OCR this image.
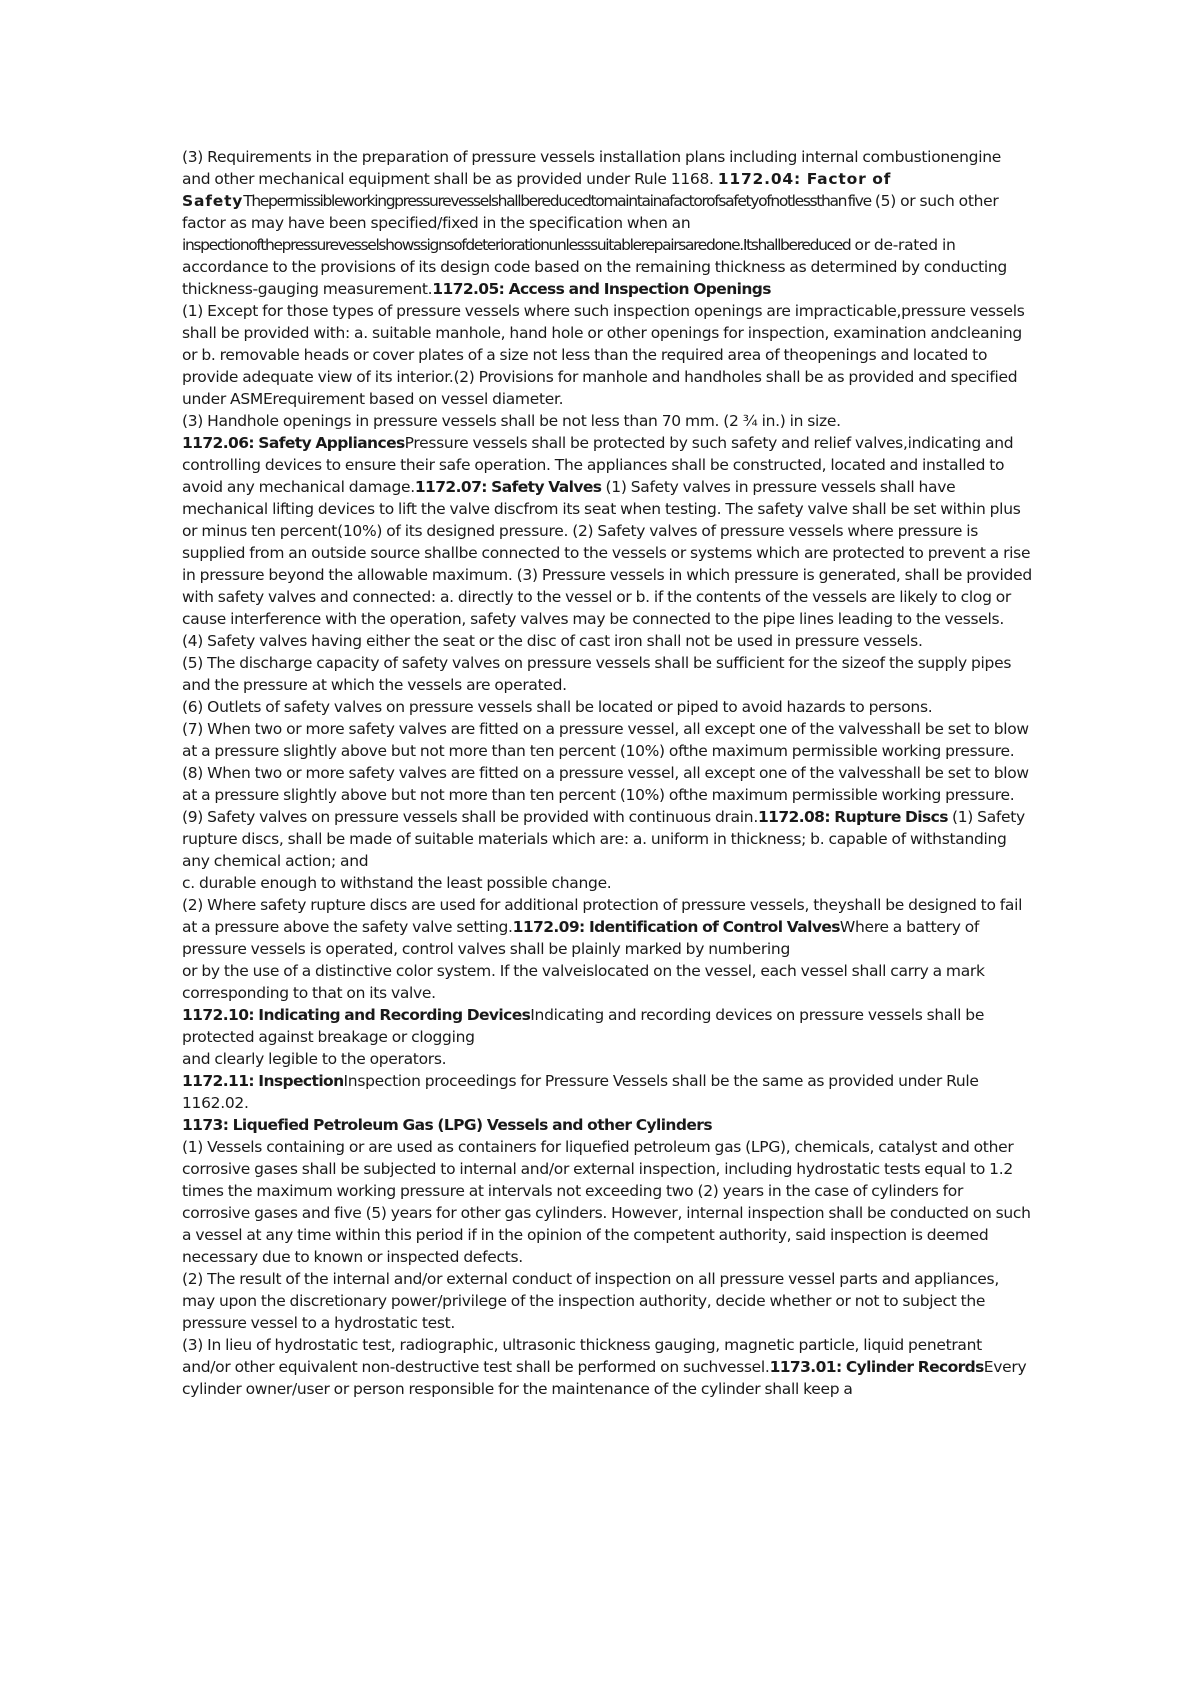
(3) Requirements in the preparation of pressure vessels installation plans including internal combustionengine and other mechanical equipment shall be as provided under Rule 1168. 1172.04: Factor of SafetyThepermissibleworkingpressurevesselshallbereducedtomaintainafactorofsafetyofnotlessthan five (5) or such other factor as may have been specified/fixed in the specification when an inspectionofthepressurevesselshowssignsofdeteriorationunlesssuitablerepairsaredone.Itshallbereduced or de-rated in accordance to the provisions of its design code based on the remaining thickness as determined by conducting thickness-gauging measurement.1172.05: Access and Inspection Openings

(1) Except for those types of pressure vessels where such inspection openings are impracticable,pressure vessels shall be provided with: a. suitable manhole, hand hole or other openings for inspection, examination andcleaning or b. removable heads or cover plates of a size not less than the required area of theopenings and located to provide adequate view of its interior.(2) Provisions for manhole and handholes shall be as provided and specified under ASMErequirement based on vessel diameter.

(3) Handhole openings in pressure vessels shall be not less than 70 mm. (2 ¾ in.) in size.

1172.06: Safety AppliancesPressure vessels shall be protected by such safety and relief valves,indicating and controlling devices to ensure their safe operation. The appliances shall be constructed, located and installed to avoid any mechanical damage.1172.07: Safety Valves (1) Safety valves in pressure vessels shall have mechanical lifting devices to lift the valve discfrom its seat when testing. The safety valve shall be set within plus or minus ten percent(10%) of its designed pressure. (2) Safety valves of pressure vessels where pressure is supplied from an outside source shallbe connected to the vessels or systems which are protected to prevent a rise in pressure beyond the allowable maximum. (3) Pressure vessels in which pressure is generated, shall be provided with safety valves and connected: a. directly to the vessel or b. if the contents of the vessels are likely to clog or cause interference with the operation, safety valves may be connected to the pipe lines leading to the vessels.

(4) Safety valves having either the seat or the disc of cast iron shall not be used in pressure vessels.

(5) The discharge capacity of safety valves on pressure vessels shall be sufficient for the sizeof the supply pipes and the pressure at which the vessels are operated.

(6) Outlets of safety valves on pressure vessels shall be located or piped to avoid hazards to persons.

(7) When two or more safety valves are fitted on a pressure vessel, all except one of the valvesshall be set to blow at a pressure slightly above but not more than ten percent (10%) ofthe maximum permissible working pressure.

(8) When two or more safety valves are fitted on a pressure vessel, all except one of the valvesshall be set to blow at a pressure slightly above but not more than ten percent (10%) ofthe maximum permissible working pressure. (9) Safety valves on pressure vessels shall be provided with continuous drain.1172.08: Rupture Discs (1) Safety rupture discs, shall be made of suitable materials which are: a. uniform in thickness; b. capable of withstanding any chemical action; and

c. durable enough to withstand the least possible change.

(2) Where safety rupture discs are used for additional protection of pressure vessels, theyshall be designed to fail at a pressure above the safety valve setting.1172.09: Identification of Control ValvesWhere a battery of pressure vessels is operated, control valves shall be plainly marked by numbering

or by the use of a distinctive color system. If the valveislocated on the vessel, each vessel shall carry a mark corresponding to that on its valve.

1172.10: Indicating and Recording DevicesIndicating and recording devices on pressure vessels shall be protected against breakage or clogging

and clearly legible to the operators.

1172.11: InspectionInspection proceedings for Pressure Vessels shall be the same as provided under Rule 1162.02.

1173: Liquefied Petroleum Gas (LPG) Vessels and other Cylinders

(1) Vessels containing or are used as containers for liquefied petroleum gas (LPG), chemicals, catalyst and other corrosive gases shall be subjected to internal and/or external inspection, including hydrostatic tests equal to 1.2 times the maximum working pressure at intervals not exceeding two (2) years in the case of cylinders for corrosive gases and five (5) years for other gas cylinders. However, internal inspection shall be conducted on such a vessel at any time within this period if in the opinion of the competent authority, said inspection is deemed necessary due to known or inspected defects.

(2) The result of the internal and/or external conduct of inspection on all pressure vessel parts and appliances, may upon the discretionary power/privilege of the inspection authority, decide whether or not to subject the pressure vessel to a hydrostatic test.

(3) In lieu of hydrostatic test, radiographic, ultrasonic thickness gauging, magnetic particle, liquid penetrant and/or other equivalent non-destructive test shall be performed on suchvessel.1173.01: Cylinder RecordsEvery cylinder owner/user or person responsible for the maintenance of the cylinder shall keep a
